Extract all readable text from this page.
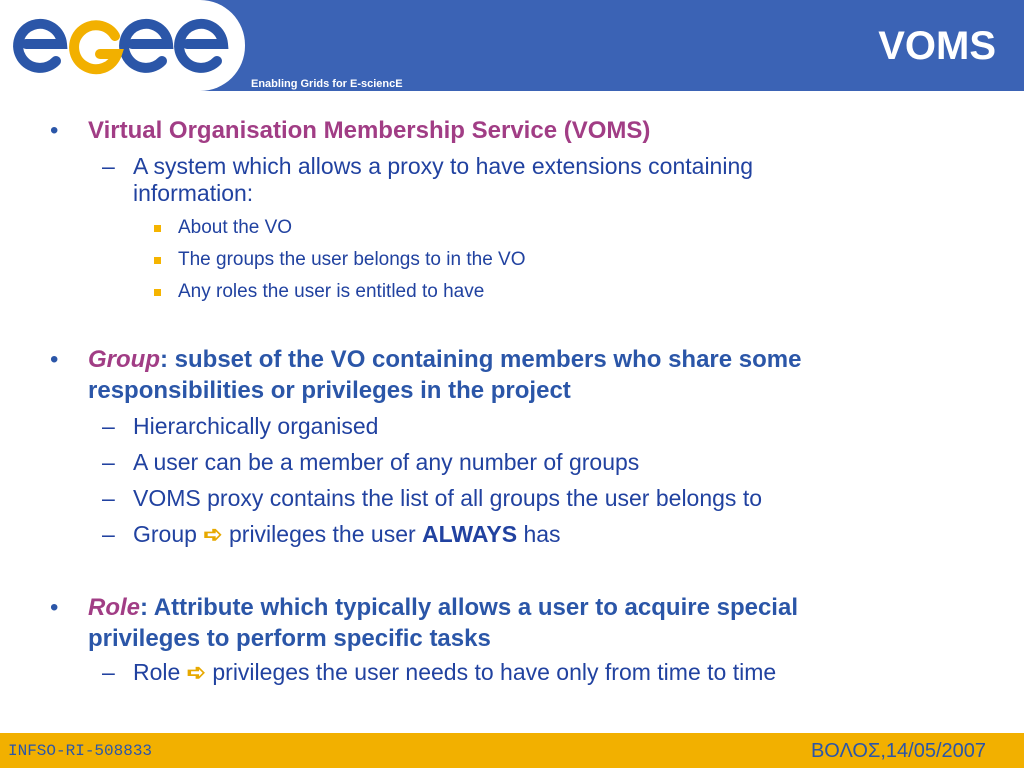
Enabling Grids for E-sciencE
VOMS
• Virtual Organisation Membership Service (VOMS)
– A system which allows a proxy to have extensions containing
information:
About the VO
The groups the user belongs to in the VO
Any roles the user is entitled to have
• Group: subset of the VO containing members who share some
responsibilities or privileges in the project
– Hierarchically organised
– A user can be a member of any number of groups
– VOMS proxy contains the list of all groups the user belongs to
– Group ➪ privileges the user ALWAYS has
• Role: Attribute which typically allows a user to acquire special
privileges to perform specific tasks
– Role ➪ privileges the user needs to have only from time to time
INFSO-RI-508833	ΒΟΛΟΣ,14/05/2007
